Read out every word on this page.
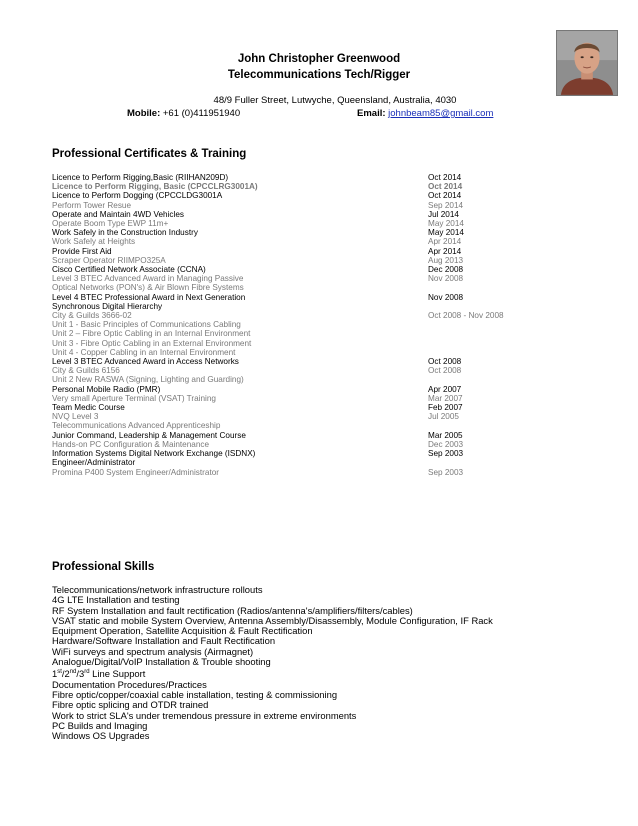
John Christopher Greenwood
Telecommunications Tech/Rigger
48/9 Fuller Street, Lutwyche, Queensland, Australia, 4030
Mobile: +61 (0)411951940	Email: johnbeam85@gmail.com
Professional Certificates & Training
Licence to Perform Rigging,Basic (RIIHAN209D)	Oct 2014
Licence to Perform Rigging, Basic (CPCCLRG3001A)	Oct 2014
Licence to Perform Dogging (CPCCLDG3001A	Oct 2014
Perform Tower Resue	Sep 2014
Operate and Maintain 4WD Vehicles	Jul 2014
Operate Boom Type EWP 11m+	May 2014
Work Safely in the Construction Industry	May 2014
Work Safely at Heights	Apr 2014
Provide First Aid	Apr 2014
Scraper Operator RIIMPO325A	Aug 2013
Cisco Certified Network Associate (CCNA)	Dec 2008
Level 3 BTEC Advanced Award in Managing Passive	Nov 2008
Optical Networks (PON's) & Air Blown Fibre Systems
Level 4 BTEC Professional Award in Next Generation	Nov 2008
Synchronous Digital Hierarchy
City & Guilds 3666-02	Oct 2008 - Nov 2008
Unit 1 - Basic Principles of Communications Cabling
Unit 2 – Fibre Optic Cabling in an Internal Environment
Unit 3 - Fibre Optic Cabling in an External Environment
Unit 4 - Copper Cabling in an Internal Environment
Level 3 BTEC Advanced Award in Access Networks	Oct 2008
City & Guilds 6156	Oct 2008
Unit 2 New RASWA (Signing, Lighting and Guarding)
Personal Mobile Radio (PMR)	Apr 2007
Very small Aperture Terminal (VSAT) Training	Mar 2007
Team Medic Course	Feb 2007
NVQ Level 3	Jul 2005
Telecommunications Advanced Apprenticeship
Junior Command, Leadership & Management Course	Mar 2005
Hands-on PC Configuration & Maintenance	Dec 2003
Information Systems Digital Network Exchange (ISDNX)	Sep 2003
Engineer/Administrator
Promina P400 System Engineer/Administrator	Sep 2003
Professional Skills
Telecommunications/network infrastructure rollouts
4G LTE Installation and testing
RF System Installation and fault rectification (Radios/antenna's/amplifiers/filters/cables)
VSAT static and mobile System Overview, Antenna Assembly/Disassembly, Module Configuration, IF Rack
Equipment Operation, Satellite Acquisition & Fault Rectification
Hardware/Software Installation and Fault Rectification
WiFi surveys and spectrum analysis (Airmagnet)
Analogue/Digital/VoIP Installation & Trouble shooting
1st/2nd/3rd Line Support
Documentation Procedures/Practices
Fibre optic/copper/coaxial cable installation, testing & commissioning
Fibre optic splicing and OTDR trained
Work to strict SLA's under tremendous pressure in extreme environments
PC Builds and Imaging
Windows OS Upgrades
